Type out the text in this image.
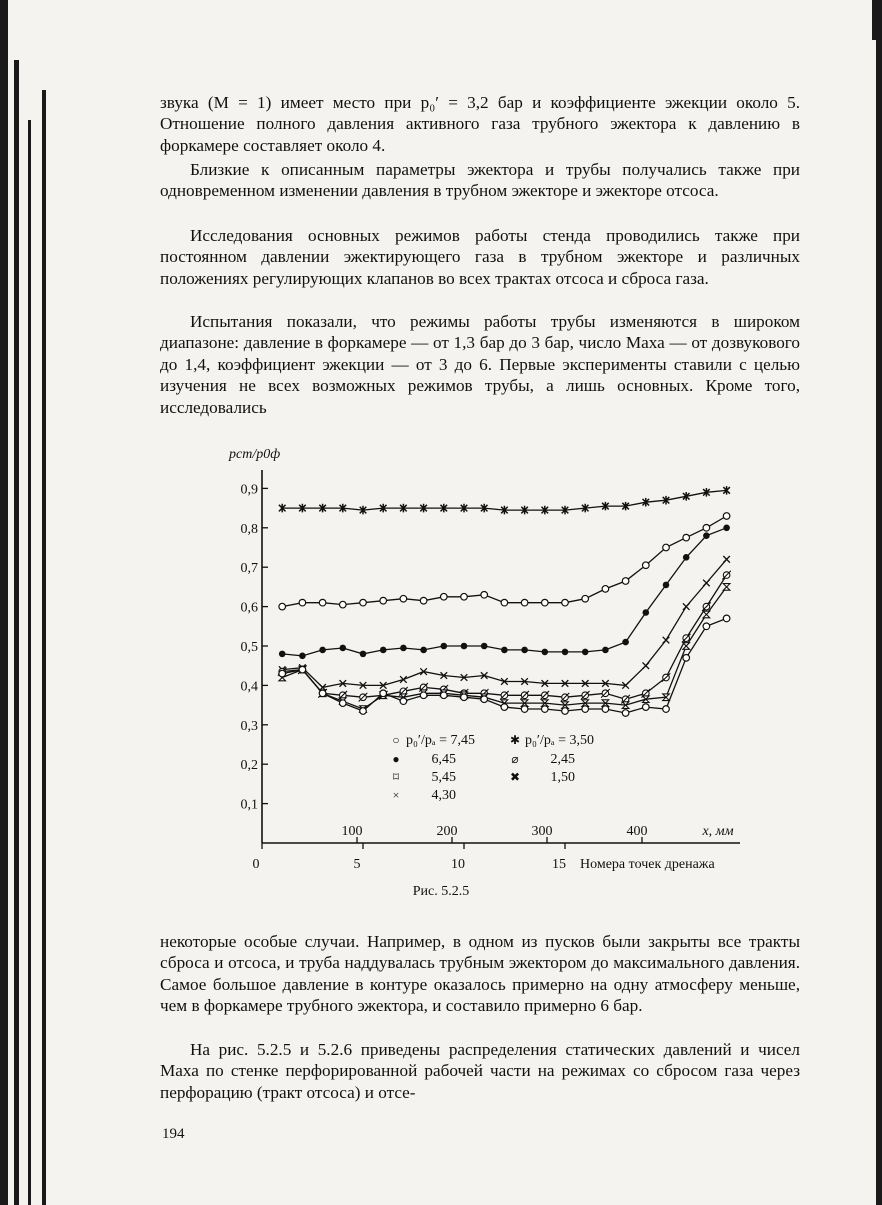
звука (M = 1) имеет место при p₀′ = 3,2 бар и коэффициенте эжекции около 5. Отношение полного давления активного газа трубного эжектора к давлению в форкамере составляет около 4.
Близкие к описанным параметры эжектора и трубы получались также при одновременном изменении давления в трубном эжекторе и эжекторе отсоса.
Исследования основных режимов работы стенда проводились также при постоянном давлении эжектирующего газа в трубном эжекторе и различных положениях регулирующих клапанов во всех трактах отсоса и сброса газа.
Испытания показали, что режимы работы трубы изменяются в широком диапазоне: давление в форкамере — от 1,3 бар до 3 бар, число Маха — от дозвукового до 1,4, коэффициент эжекции — от 3 до 6. Первые эксперименты ставили с целью изучения не всех возможных режимов трубы, а лишь основных. Кроме того, исследовались
0,1
0,2
0,3
0,4
0,5
0,6
0,7
0,8
0,9
pст/p0ф
100	200	300	400	x, мм
0	5	10	15 Номера точек дренажа
○ p₀′/pₐ = 7,45
● 6,45
⌑ 5,45
× 4,30
✱ p₀′/pₐ = 3,50
⌀ 2,45
✖ 1,50
Рис. 5.2.5
некоторые особые случаи. Например, в одном из пусков были закрыты все тракты сброса и отсоса, и труба наддувалась трубным эжектором до максимального давления. Самое большое давление в контуре оказалось примерно на одну атмосферу меньше, чем в форкамере трубного эжектора, и составило примерно 6 бар.
На рис. 5.2.5 и 5.2.6 приведены распределения статических давлений и чисел Маха по стенке перфорированной рабочей части на режимах со сбросом газа через перфорацию (тракт отсоса) и отсе-
194
